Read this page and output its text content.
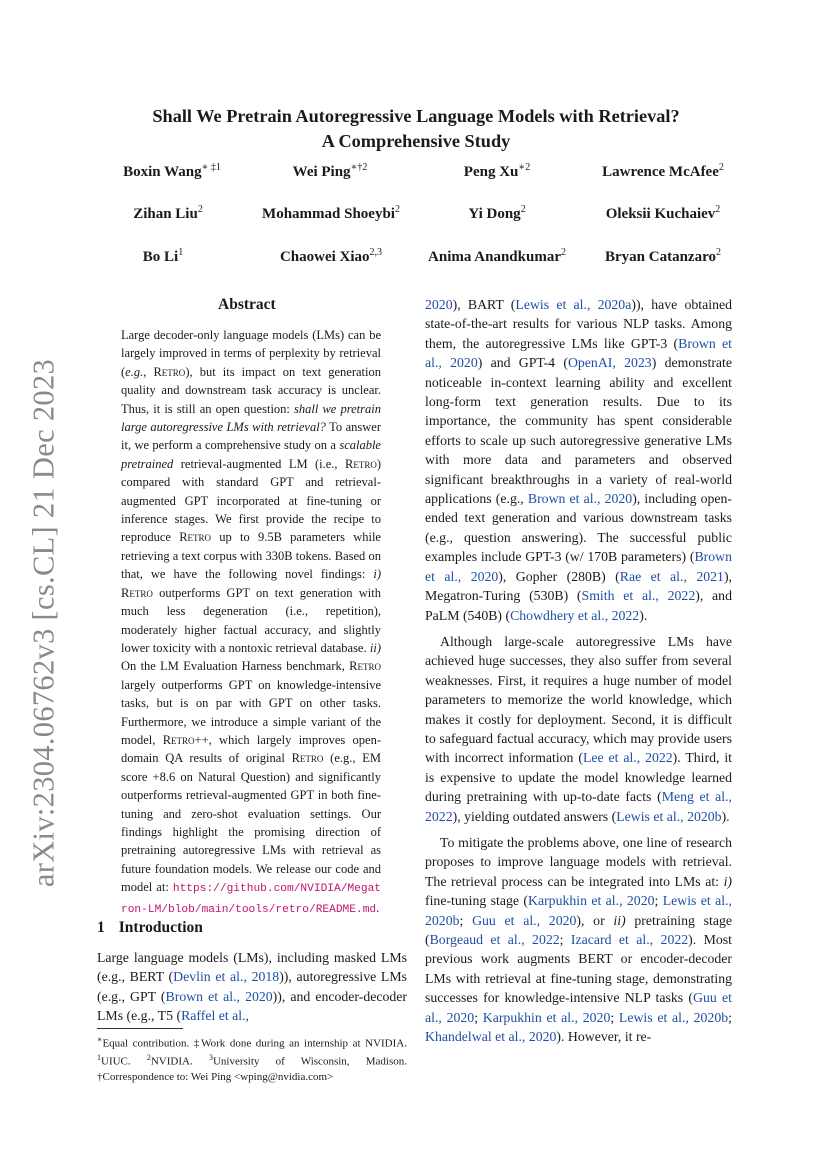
arXiv:2304.06762v3 [cs.CL] 21 Dec 2023
Shall We Pretrain Autoregressive Language Models with Retrieval?
A Comprehensive Study
Boxin Wang$^{∗ \ddagger 1}$	Wei Ping$^{∗\dagger 2}$	Peng $Xu^{∗2}$	Lawrence McAfee$^2$
Zihan Liu$^2$	Mohammad Shoeybi$^2$	Yi Dong$^2$	Oleksii Kuchaiev$^2$
Bo Li$^1$	Chaowei Xiao$^{2,3}$	Anima Anandkumar$^2$	Bryan Catanzaro$^2$
Abstract

Large decoder-only language models (LMs) can be largely improved in terms of perplexity by retrieval (e.g., Retro), but its impact on text generation quality and downstream task accuracy is unclear. Thus, it is still an open question: shall we pretrain large autoregressive LMs with retrieval? To answer it, we perform a comprehensive study on a scalable pretrained retrieval-augmented LM (i.e., Retro) compared with standard GPT and retrieval-augmented GPT incorporated at fine-tuning or inference stages. We first provide the recipe to reproduce Retro up to 9.5B parameters while retrieving a text corpus with 330B tokens. Based on that, we have the following novel findings: i) Retro outperforms GPT on text generation with much less degeneration (i.e., repetition), moderately higher factual accuracy, and slightly lower toxicity with a nontoxic retrieval database. ii) On the LM Evaluation Harness benchmark, Retro largely outperforms GPT on knowledge-intensive tasks, but is on par with GPT on other tasks. Furthermore, we introduce a simple variant of the model, Retro++, which largely improves open-domain QA results of original Retro (e.g., EM score +8.6 on Natural Question) and significantly outperforms retrieval-augmented GPT in both fine-tuning and zero-shot evaluation settings. Our findings highlight the promising direction of pretraining autoregressive LMs with retrieval as future foundation models. We release our code and model at: https://github.com/NVIDIA/Megatron-LM/blob/main/tools/retro/README.md.

1 Introduction

Large language models (LMs), including masked LMs (e.g., BERT (Devlin et al., 2018)), autoregressive LMs (e.g., GPT (Brown et al., 2020)), and encoder-decoder LMs (e.g., T5 (Raffel et al.,

∗Equal contribution. ‡Work done during an internship at NVIDIA. $^1$UIUC. $^2$NVIDIA. $^3$University of Wisconsin, Madison. †Correspondence to: Wei Ping <wping@nvidia.com>

2020), BART (Lewis et al., 2020a)), have obtained state-of-the-art results for various NLP tasks. Among them, the autoregressive LMs like GPT-3 (Brown et al., 2020) and GPT-4 (OpenAI, 2023) demonstrate noticeable in-context learning ability and excellent long-form text generation results. Due to its importance, the community has spent considerable efforts to scale up such autoregressive generative LMs with more data and parameters and observed significant breakthroughs in a variety of real-world applications (e.g., Brown et al., 2020), including open-ended text generation and various downstream tasks (e.g., question answering). The successful public examples include GPT-3 (w/ 170B parameters) (Brown et al., 2020), Gopher (280B) (Rae et al., 2021), Megatron-Turing (530B) (Smith et al., 2022), and PaLM (540B) (Chowdhery et al., 2022).

Although large-scale autoregressive LMs have achieved huge successes, they also suffer from several weaknesses. First, it requires a huge number of model parameters to memorize the world knowledge, which makes it costly for deployment. Second, it is difficult to safeguard factual accuracy, which may provide users with incorrect information (Lee et al., 2022). Third, it is expensive to update the model knowledge learned during pretraining with up-to-date facts (Meng et al., 2022), yielding outdated answers (Lewis et al., 2020b).

To mitigate the problems above, one line of research proposes to improve language models with retrieval. The retrieval process can be integrated into LMs at: i) fine-tuning stage (Karpukhin et al., 2020; Lewis et al., 2020b; Guu et al., 2020), or ii) pretraining stage (Borgeaud et al., 2022; Izacard et al., 2022). Most previous work augments BERT or encoder-decoder LMs with retrieval at fine-tuning stage, demonstrating successes for knowledge-intensive NLP tasks (Guu et al., 2020; Karpukhin et al., 2020; Lewis et al., 2020b; Khandelwal et al., 2020). However, it re-
